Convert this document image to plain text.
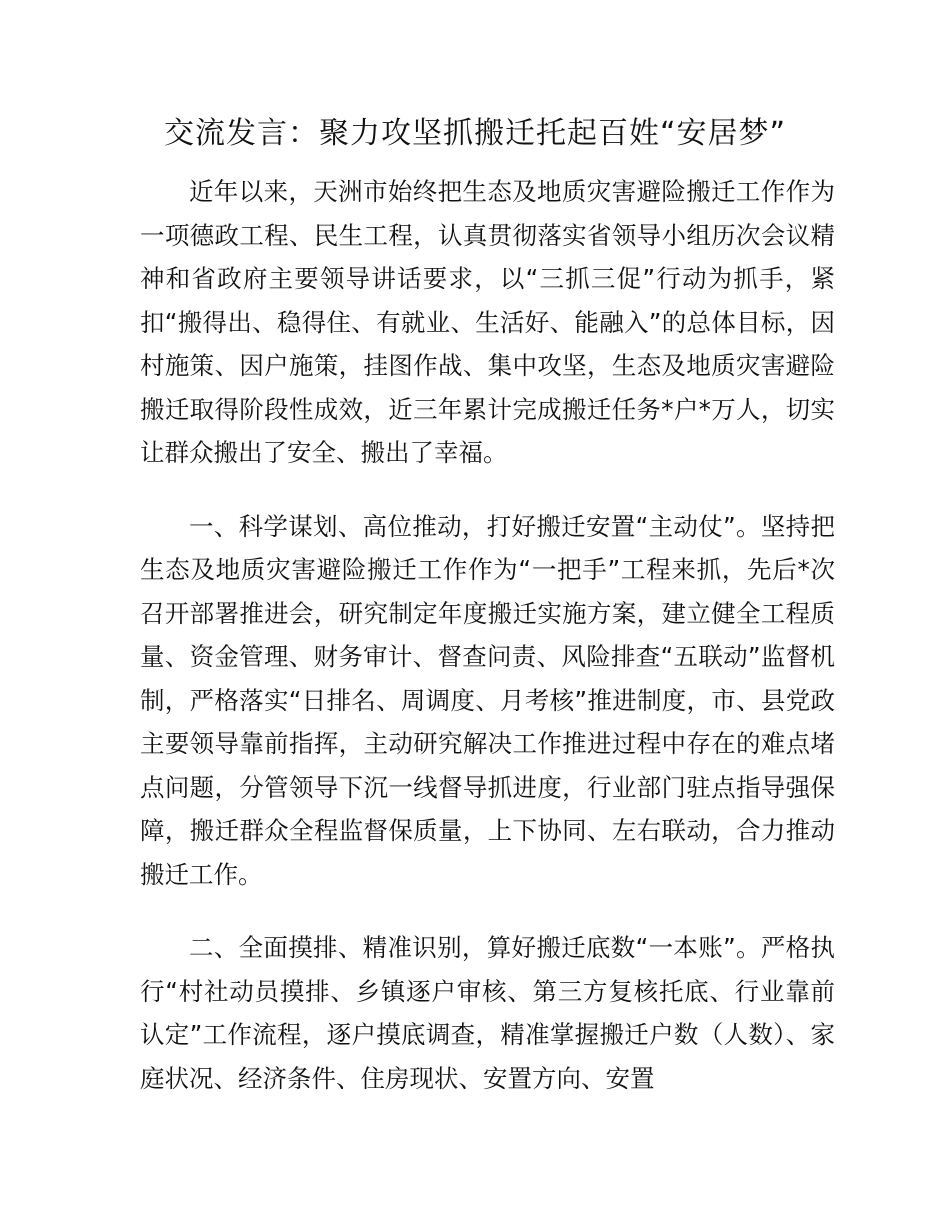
交流发言：聚力攻坚抓搬迁托起百姓“安居梦”

近年以来，天洲市始终把生态及地质灾害避险搬迁工作作为一项德政工程、民生工程，认真贯彻落实省领导小组历次会议精神和省政府主要领导讲话要求，以“三抓三促”行动为抓手，紧扣“搬得出、稳得住、有就业、生活好、能融入”的总体目标，因村施策、因户施策，挂图作战、集中攻坚，生态及地质灾害避险搬迁取得阶段性成效，近三年累计完成搬迁任务*户*万人，切实让群众搬出了安全、搬出了幸福。

一、科学谋划、高位推动，打好搬迁安置“主动仗”。坚持把生态及地质灾害避险搬迁工作作为“一把手”工程来抓，先后*次召开部署推进会，研究制定年度搬迁实施方案，建立健全工程质量、资金管理、财务审计、督查问责、风险排查“五联动”监督机制，严格落实“日排名、周调度、月考核”推进制度，市、县党政主要领导靠前指挥，主动研究解决工作推进过程中存在的难点堵点问题，分管领导下沉一线督导抓进度，行业部门驻点指导强保障，搬迁群众全程监督保质量，上下协同、左右联动，合力推动搬迁工作。

二、全面摸排、精准识别，算好搬迁底数“一本账”。严格执行“村社动员摸排、乡镇逐户审核、第三方复核托底、行业靠前认定”工作流程，逐户摸底调查，精准掌握搬迁户数（人数）、家庭状况、经济条件、住房现状、安置方向、安置
